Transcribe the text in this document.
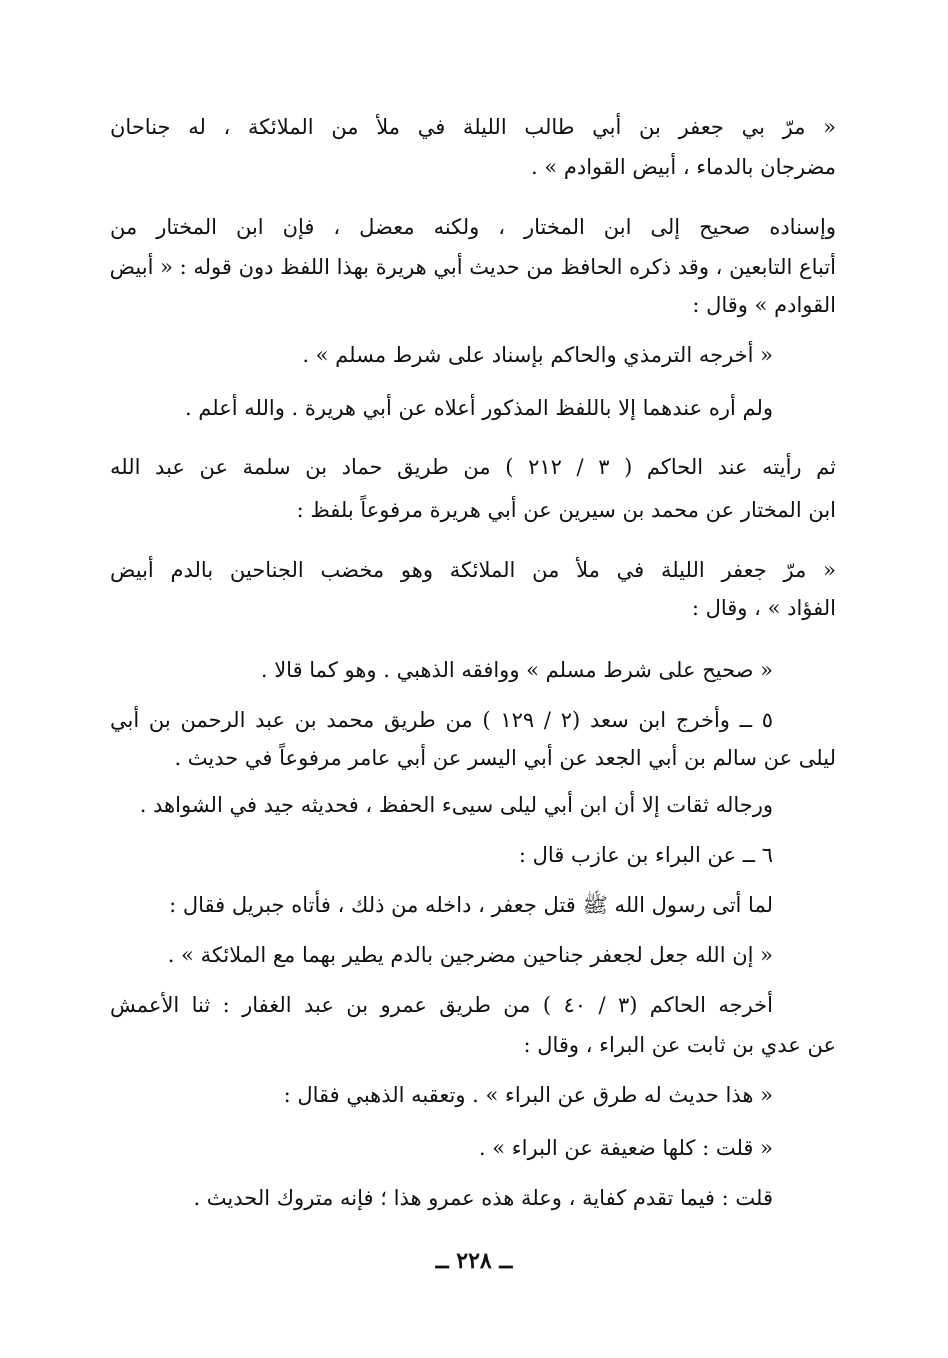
« مرّ بي جعفر بن أبي طالب الليلة في ملأ من الملائكة ، له جناحان
مضرجان بالدماء ، أبيض القوادم » .
وإسناده صحيح إلى ابن المختار ، ولكنه معضل ، فإن ابن المختار من
أتباع التابعين ، وقد ذكره الحافظ من حديث أبي هريرة بهذا اللفظ دون قوله : « أبيض
القوادم » وقال :
« أخرجه الترمذي والحاكم بإسناد على شرط مسلم » .
ولم أره عندهما إلا باللفظ المذكور أعلاه عن أبي هريرة . والله أعلم .
ثم رأيته عند الحاكم ( ٣ / ٢١٢ ) من طريق حماد بن سلمة عن عبد الله
ابن المختار عن محمد بن سيرين عن أبي هريرة مرفوعاً بلفظ :
« مرّ جعفر الليلة في ملأ من الملائكة وهو مخضب الجناحين بالدم أبيض
الفؤاد » ، وقال :
« صحيح على شرط مسلم » ووافقه الذهبي . وهو كما قالا .
٥ ــ وأخرج ابن سعد (٢ / ١٢٩ ) من طريق محمد بن عبد الرحمن بن أبي
ليلى عن سالم بن أبي الجعد عن أبي اليسر عن أبي عامر مرفوعاً في حديث .
ورجاله ثقات إلا أن ابن أبي ليلى سيىء الحفظ ، فحديثه جيد في الشواهد .
٦ ــ عن البراء بن عازب قال :
لما أتى رسول الله ﷺ قتل جعفر ، داخله من ذلك ، فأتاه جبريل فقال :
« إن الله جعل لجعفر جناحين مضرجين بالدم يطير بهما مع الملائكة » .
أخرجه الحاكم (٣ / ٤٠ ) من طريق عمرو بن عبد الغفار : ثنا الأعمش
عن عدي بن ثابت عن البراء ، وقال :
« هذا حديث له طرق عن البراء » . وتعقبه الذهبي فقال :
« قلت : كلها ضعيفة عن البراء » .
قلت : فيما تقدم كفاية ، وعلة هذه عمرو هذا ؛ فإنه متروك الحديث .
ــ ٢٢٨ ــ
